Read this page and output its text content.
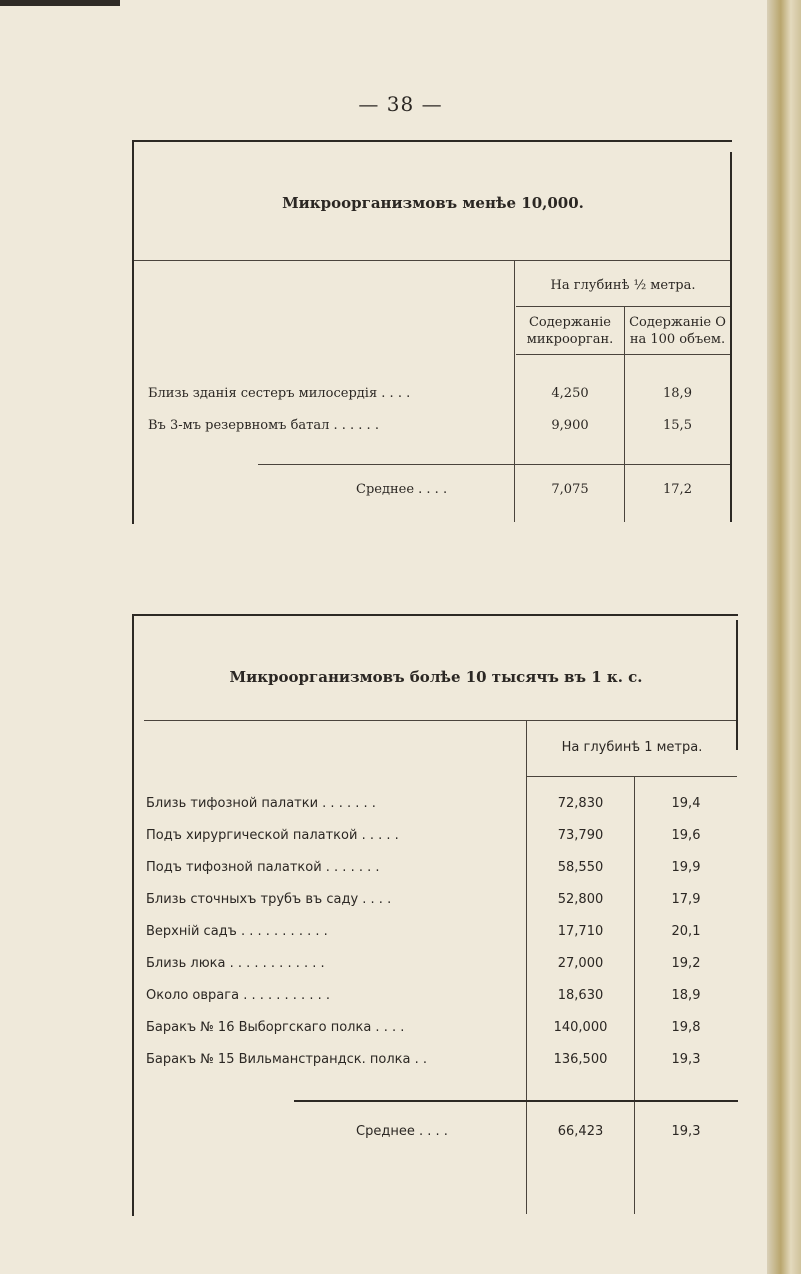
— 38 —
Микроорганизмовъ менѣе 10,000.
На глубинѣ ½ метра.
Содержаніе
микроорган.
Содержаніе О
на 100 объем.
Близь зданія сестеръ милосердія . . . .	4,250	18,9
Въ 3-мъ резервномъ батал . . . . . .	9,900	15,5
Среднее . . . .	7,075	17,2
Микроорганизмовъ болѣе 10 тысячъ въ 1 к. с.
На глубинѣ 1 метра.
Близь тифозной палатки . . . . . . .	72,830	19,4
Подъ хирургической палаткой . . . . .	73,790	19,6
Подъ тифозной палаткой . . . . . . .	58,550	19,9
Близь сточныхъ трубъ въ саду . . . .	52,800	17,9
Верхній садъ . . . . . . . . . . .	17,710	20,1
Близь люка . . . . . . . . . . . .	27,000	19,2
Около оврага . . . . . . . . . . .	18,630	18,9
Баракъ № 16 Выборгскаго полка . . . .	140,000	19,8
Баракъ № 15 Вильманстрандск. полка . .	136,500	19,3
Среднее . . . .	66,423	19,3
